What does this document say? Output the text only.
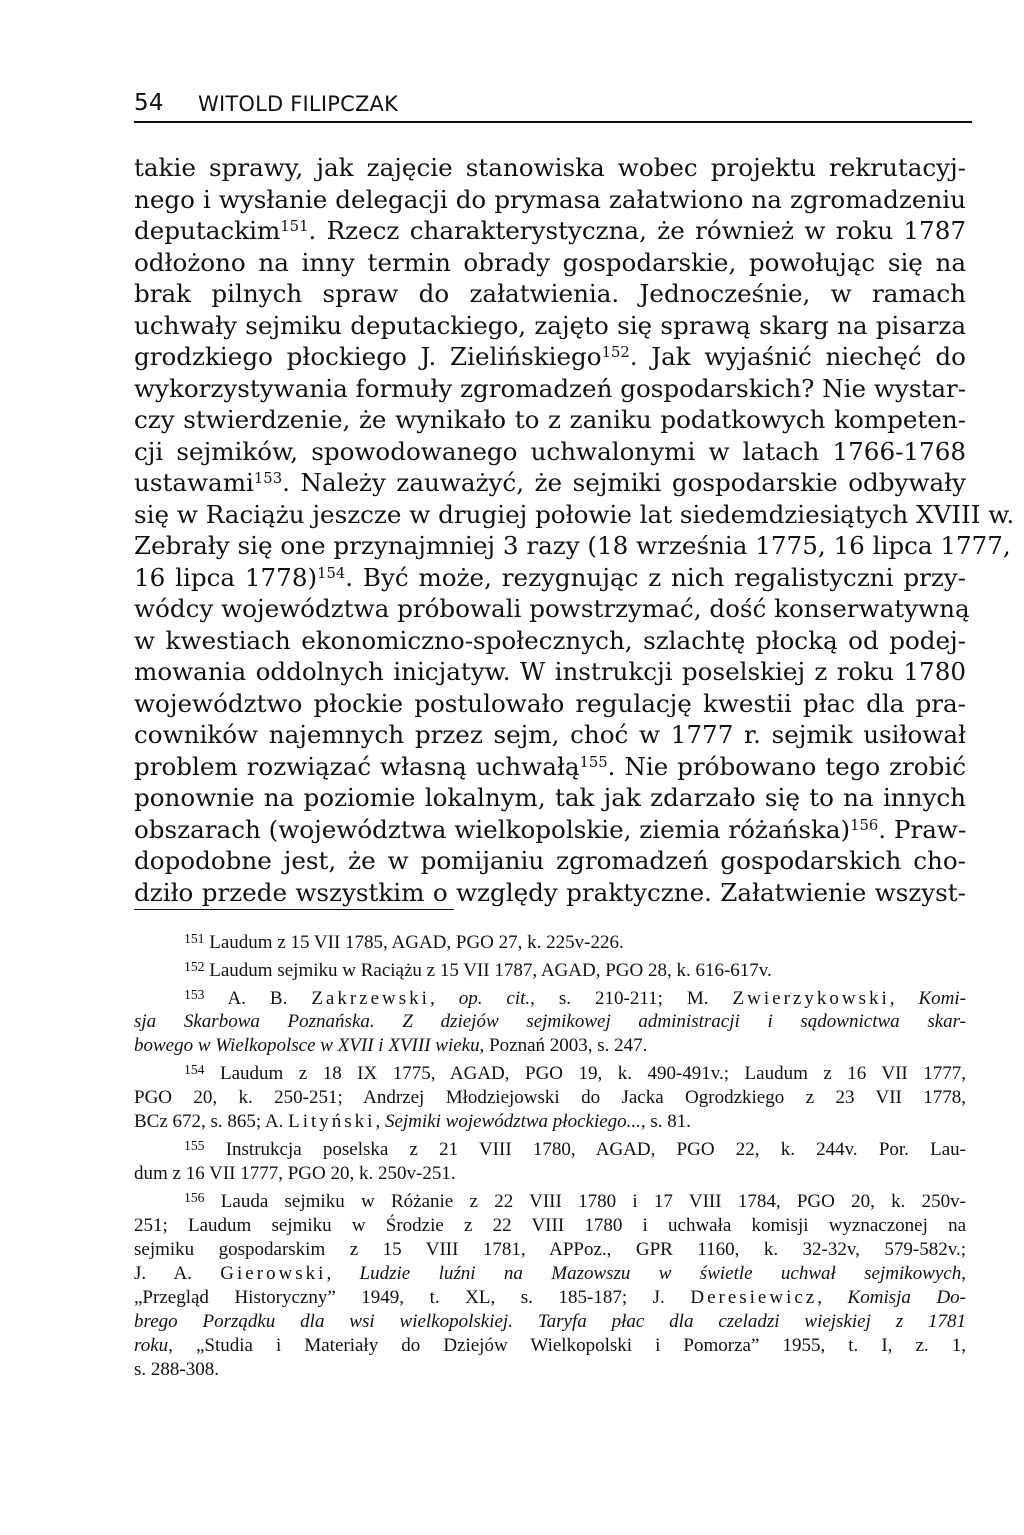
54 WITOLD FILIPCZAK
takie sprawy, jak zajęcie stanowiska wobec projektu rekrutacyj-
nego i wysłanie delegacji do prymasa załatwiono na zgromadzeniu
deputackim$^{151}$. Rzecz charakterystyczna, że również w roku 1787
odłożono na inny termin obrady gospodarskie, powołując się na
brak pilnych spraw do załatwienia. Jednocześnie, w ramach
uchwały sejmiku deputackiego, zajęto się sprawą skarg na pisarza
grodzkiego płockiego J. Zielińskiego$^{152}$. Jak wyjaśnić niechęć do
wykorzystywania formuły zgromadzeń gospodarskich? Nie wystar-
czy stwierdzenie, że wynikało to z zaniku podatkowych kompeten-
cji sejmików, spowodowanego uchwalonymi w latach 1766-1768
ustawami$^{153}$. Należy zauważyć, że sejmiki gospodarskie odbywały
się w Raciążu jeszcze w drugiej połowie lat siedemdziesiątych XVIII w.
Zebrały się one przynajmniej 3 razy (18 września 1775, 16 lipca 1777,
16 lipca 1778)$^{154}$. Być może, rezygnując z nich regalistyczni przy-
wódcy województwa próbowali powstrzymać, dość konserwatywną
w kwestiach ekonomiczno-społecznych, szlachtę płocką od podej-
mowania oddolnych inicjatyw. W instrukcji poselskiej z roku 1780
województwo płockie postulowało regulację kwestii płac dla pra-
cowników najemnych przez sejm, choć w 1777 r. sejmik usiłował
problem rozwiązać własną uchwałą$^{155}$. Nie próbowano tego zrobić
ponownie na poziomie lokalnym, tak jak zdarzało się to na innych
obszarach (województwa wielkopolskie, ziemia różańska)$^{156}$. Praw-
dopodobne jest, że w pomijaniu zgromadzeń gospodarskich cho-
dziło przede wszystkim o względy praktyczne. Załatwienie wszyst-
$^{151}$ Laudum z 15 VII 1785, AGAD, PGO 27, k. 225v-226.
$^{152}$ Laudum sejmiku w Raciążu z 15 VII 1787, AGAD, PGO 28, k. 616-617v.
$^{153}$ A. B. Zakrzewski, op. cit., s. 210-211; M. Zwierzykowski, Komi-
sja Skarbowa Poznańska. Z dziejów sejmikowej administracji i sądownictwa skar-
bowego w Wielkopolsce w XVII i XVIII wieku, Poznań 2003, s. 247.
$^{154}$ Laudum z 18 IX 1775, AGAD, PGO 19, k. 490-491v.; Laudum z 16 VII 1777,
PGO 20, k. 250-251; Andrzej Młodziejowski do Jacka Ogrodzkiego z 23 VII 1778,
BCz 672, s. 865; A. Lityński, Sejmiki województwa płockiego..., s. 81.
$^{155}$ Instrukcja poselska z 21 VIII 1780, AGAD, PGO 22, k. 244v. Por. Lau-
dum z 16 VII 1777, PGO 20, k. 250v-251.
$^{156}$ Lauda sejmiku w Różanie z 22 VIII 1780 i 17 VIII 1784, PGO 20, k. 250v-
251; Laudum sejmiku w Środzie z 22 VIII 1780 i uchwała komisji wyznaczonej na
sejmiku gospodarskim z 15 VIII 1781, APPoz., GPR 1160, k. 32-32v, 579-582v.;
J. A. Gierowski, Ludzie luźni na Mazowszu w świetle uchwał sejmikowych,
„Przegląd Historyczny” 1949, t. XL, s. 185-187; J. Deresiewicz, Komisja Do-
brego Porządku dla wsi wielkopolskiej. Taryfa płac dla czeladzi wiejskiej z 1781
roku, „Studia i Materiały do Dziejów Wielkopolski i Pomorza” 1955, t. I, z. 1,
s. 288-308.
